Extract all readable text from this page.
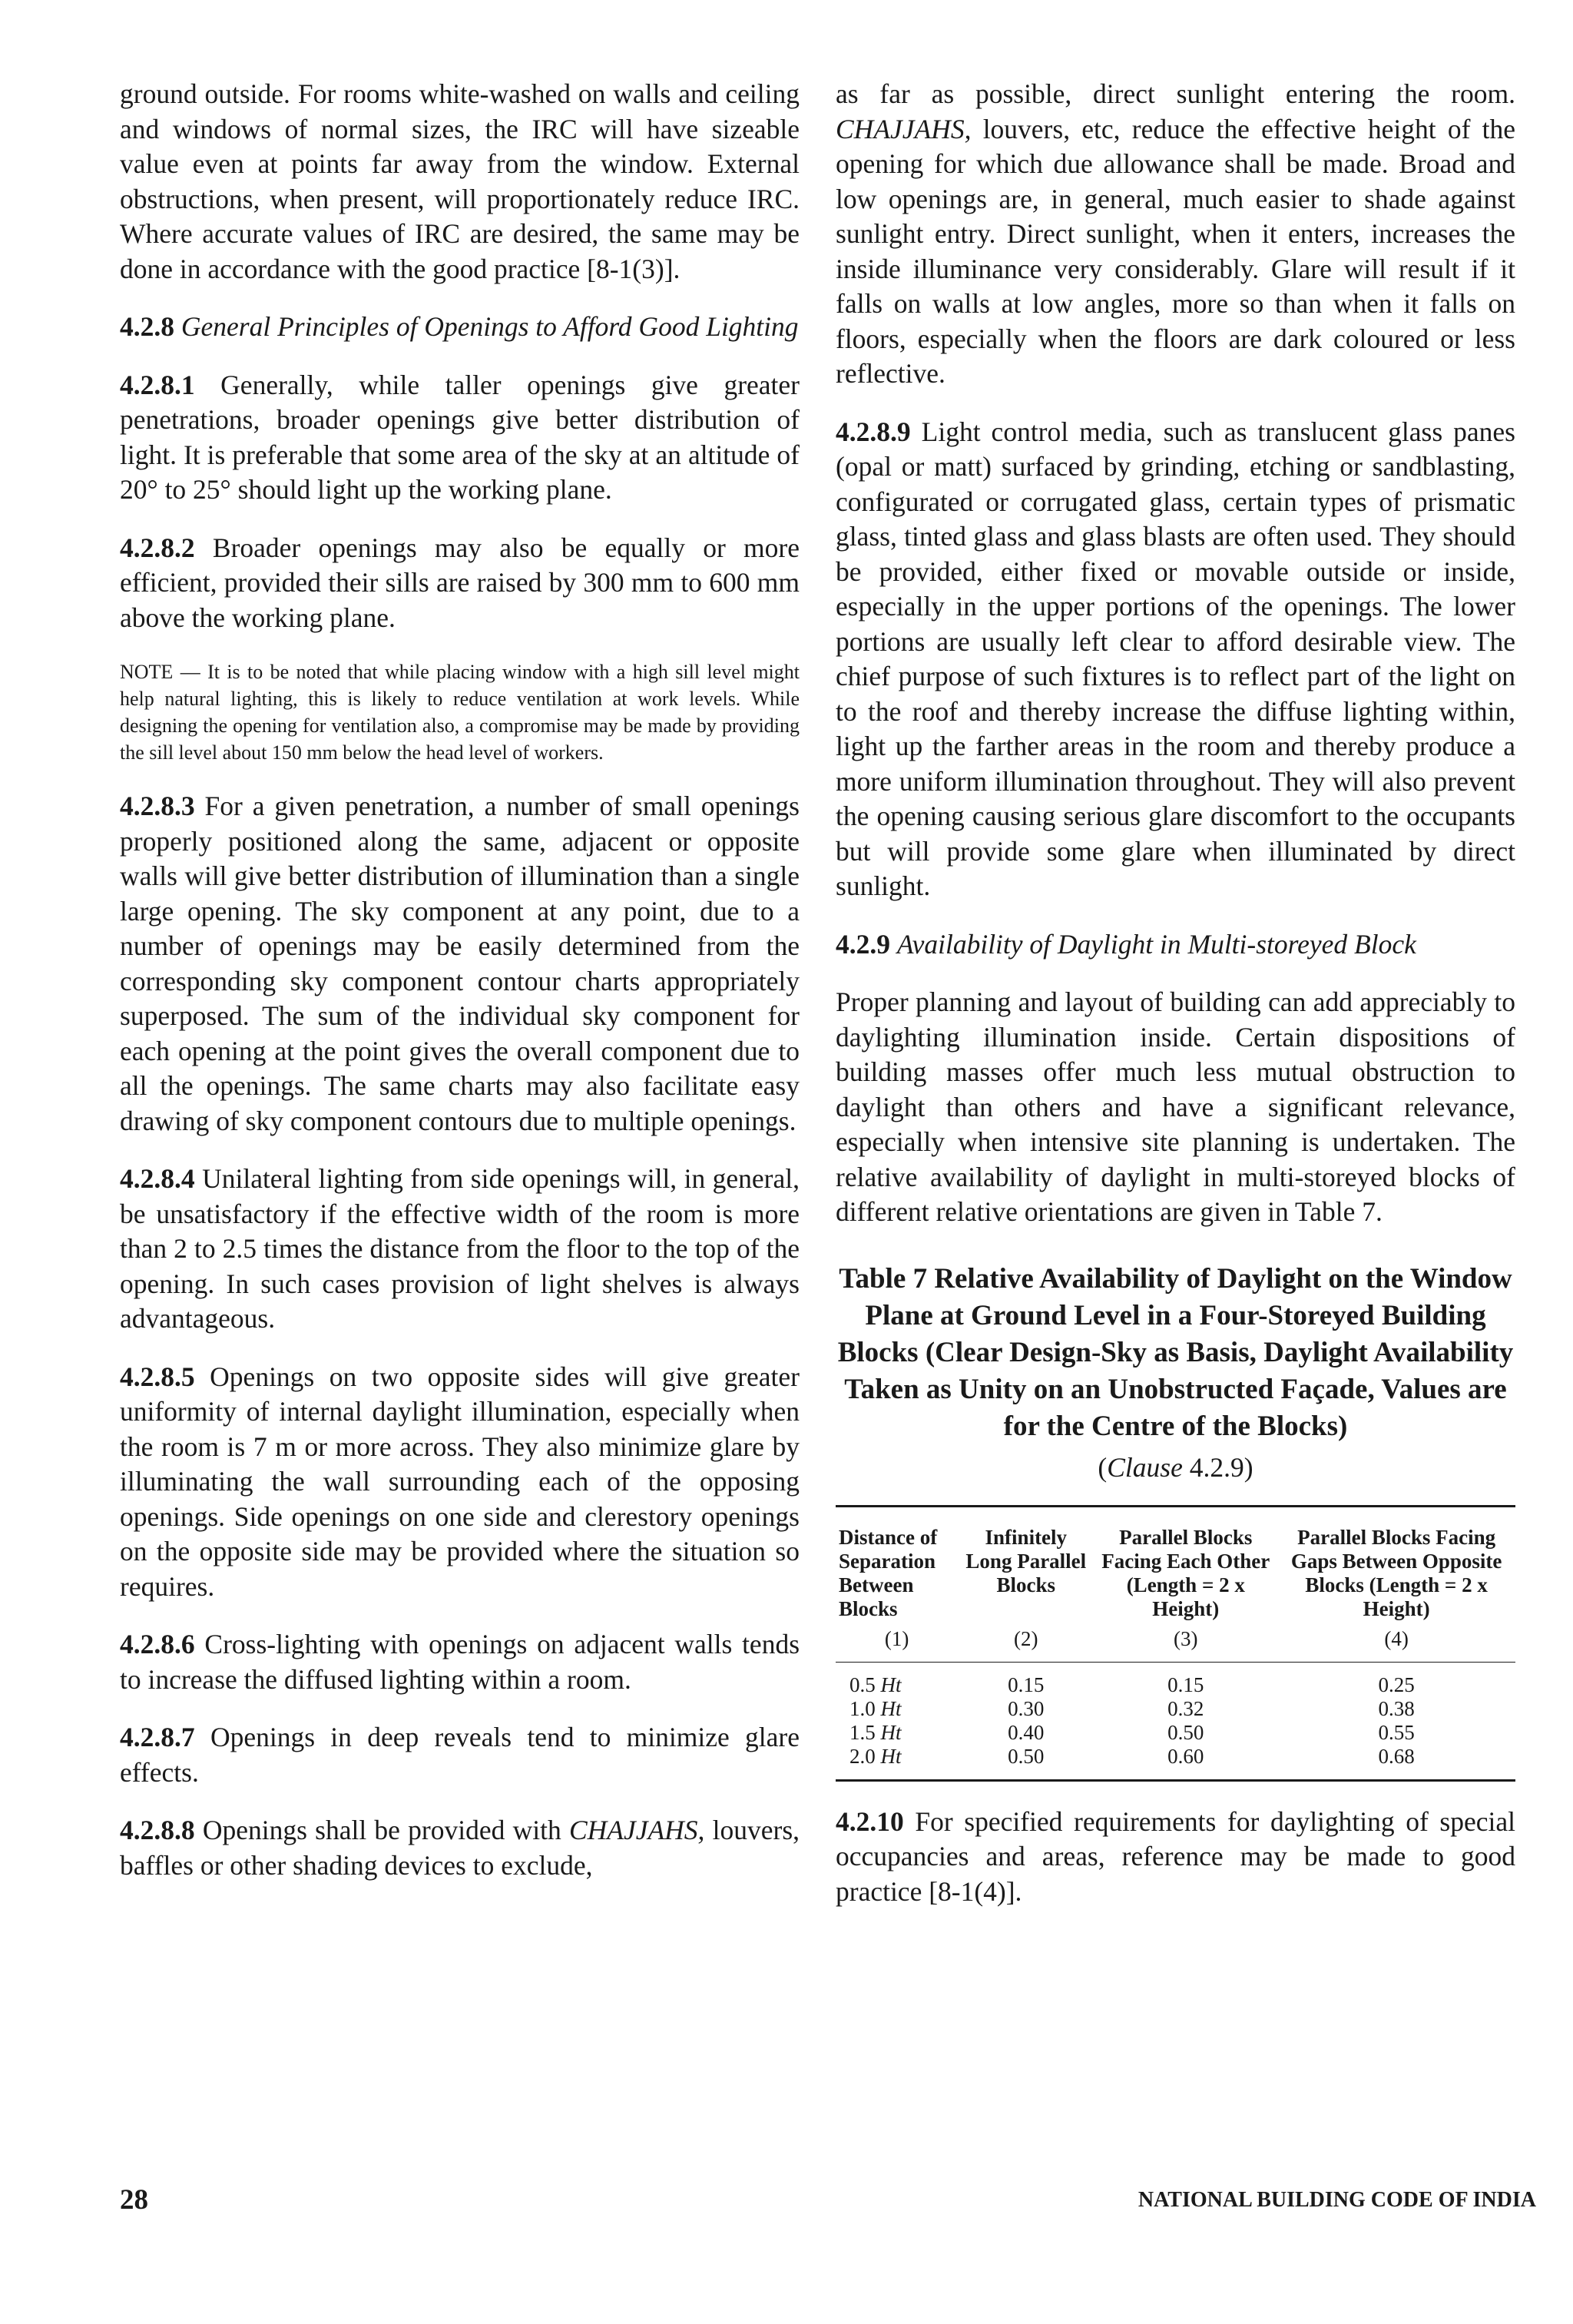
ground outside. For rooms white-washed on walls and ceiling and windows of normal sizes, the IRC will have sizeable value even at points far away from the window. External obstructions, when present, will proportionately reduce IRC. Where accurate values of IRC are desired, the same may be done in accordance with the good practice [8-1(3)].

4.2.8 General Principles of Openings to Afford Good Lighting

4.2.8.1 Generally, while taller openings give greater penetrations, broader openings give better distribution of light. It is preferable that some area of the sky at an altitude of 20° to 25° should light up the working plane.

4.2.8.2 Broader openings may also be equally or more efficient, provided their sills are raised by 300 mm to 600 mm above the working plane.

NOTE — It is to be noted that while placing window with a high sill level might help natural lighting, this is likely to reduce ventilation at work levels. While designing the opening for ventilation also, a compromise may be made by providing the sill level about 150 mm below the head level of workers.

4.2.8.3 For a given penetration, a number of small openings properly positioned along the same, adjacent or opposite walls will give better distribution of illumination than a single large opening. The sky component at any point, due to a number of openings may be easily determined from the corresponding sky component contour charts appropriately superposed. The sum of the individual sky component for each opening at the point gives the overall component due to all the openings. The same charts may also facilitate easy drawing of sky component contours due to multiple openings.

4.2.8.4 Unilateral lighting from side openings will, in general, be unsatisfactory if the effective width of the room is more than 2 to 2.5 times the distance from the floor to the top of the opening. In such cases provision of light shelves is always advantageous.

4.2.8.5 Openings on two opposite sides will give greater uniformity of internal daylight illumination, especially when the room is 7 m or more across. They also minimize glare by illuminating the wall surrounding each of the opposing openings. Side openings on one side and clerestory openings on the opposite side may be provided where the situation so requires.

4.2.8.6 Cross-lighting with openings on adjacent walls tends to increase the diffused lighting within a room.

4.2.8.7 Openings in deep reveals tend to minimize glare effects.

4.2.8.8 Openings shall be provided with CHAJJAHS, louvers, baffles or other shading devices to exclude,

as far as possible, direct sunlight entering the room. CHAJJAHS, louvers, etc, reduce the effective height of the opening for which due allowance shall be made. Broad and low openings are, in general, much easier to shade against sunlight entry. Direct sunlight, when it enters, increases the inside illuminance very considerably. Glare will result if it falls on walls at low angles, more so than when it falls on floors, especially when the floors are dark coloured or less reflective.

4.2.8.9 Light control media, such as translucent glass panes (opal or matt) surfaced by grinding, etching or sandblasting, configurated or corrugated glass, certain types of prismatic glass, tinted glass and glass blasts are often used. They should be provided, either fixed or movable outside or inside, especially in the upper portions of the openings. The lower portions are usually left clear to afford desirable view. The chief purpose of such fixtures is to reflect part of the light on to the roof and thereby increase the diffuse lighting within, light up the farther areas in the room and thereby produce a more uniform illumination throughout. They will also prevent the opening causing serious glare discomfort to the occupants but will provide some glare when illuminated by direct sunlight.

4.2.9 Availability of Daylight in Multi-storeyed Block

Proper planning and layout of building can add appreciably to daylighting illumination inside. Certain dispositions of building masses offer much less mutual obstruction to daylight than others and have a significant relevance, especially when intensive site planning is undertaken. The relative availability of daylight in multi-storeyed blocks of different relative orientations are given in Table 7.

Table 7 Relative Availability of Daylight on the Window Plane at Ground Level in a Four-Storeyed Building Blocks (Clear Design-Sky as Basis, Daylight Availability Taken as Unity on an Unobstructed Façade, Values are for the Centre of the Blocks)

(Clause 4.2.9)

Distance of Separation Between Blocks	Infinitely Long Parallel Blocks	Parallel Blocks Facing Each Other (Length = 2 x Height)	Parallel Blocks Facing Gaps Between Opposite Blocks (Length = 2 x Height)
(1)	(2)	(3)	(4)
0.5 Ht	0.15	0.15	0.25
1.0 Ht	0.30	0.32	0.38
1.5 Ht	0.40	0.50	0.55
2.0 Ht	0.50	0.60	0.68

4.2.10 For specified requirements for daylighting of special occupancies and areas, reference may be made to good practice [8-1(4)].

28	NATIONAL BUILDING CODE OF INDIA
